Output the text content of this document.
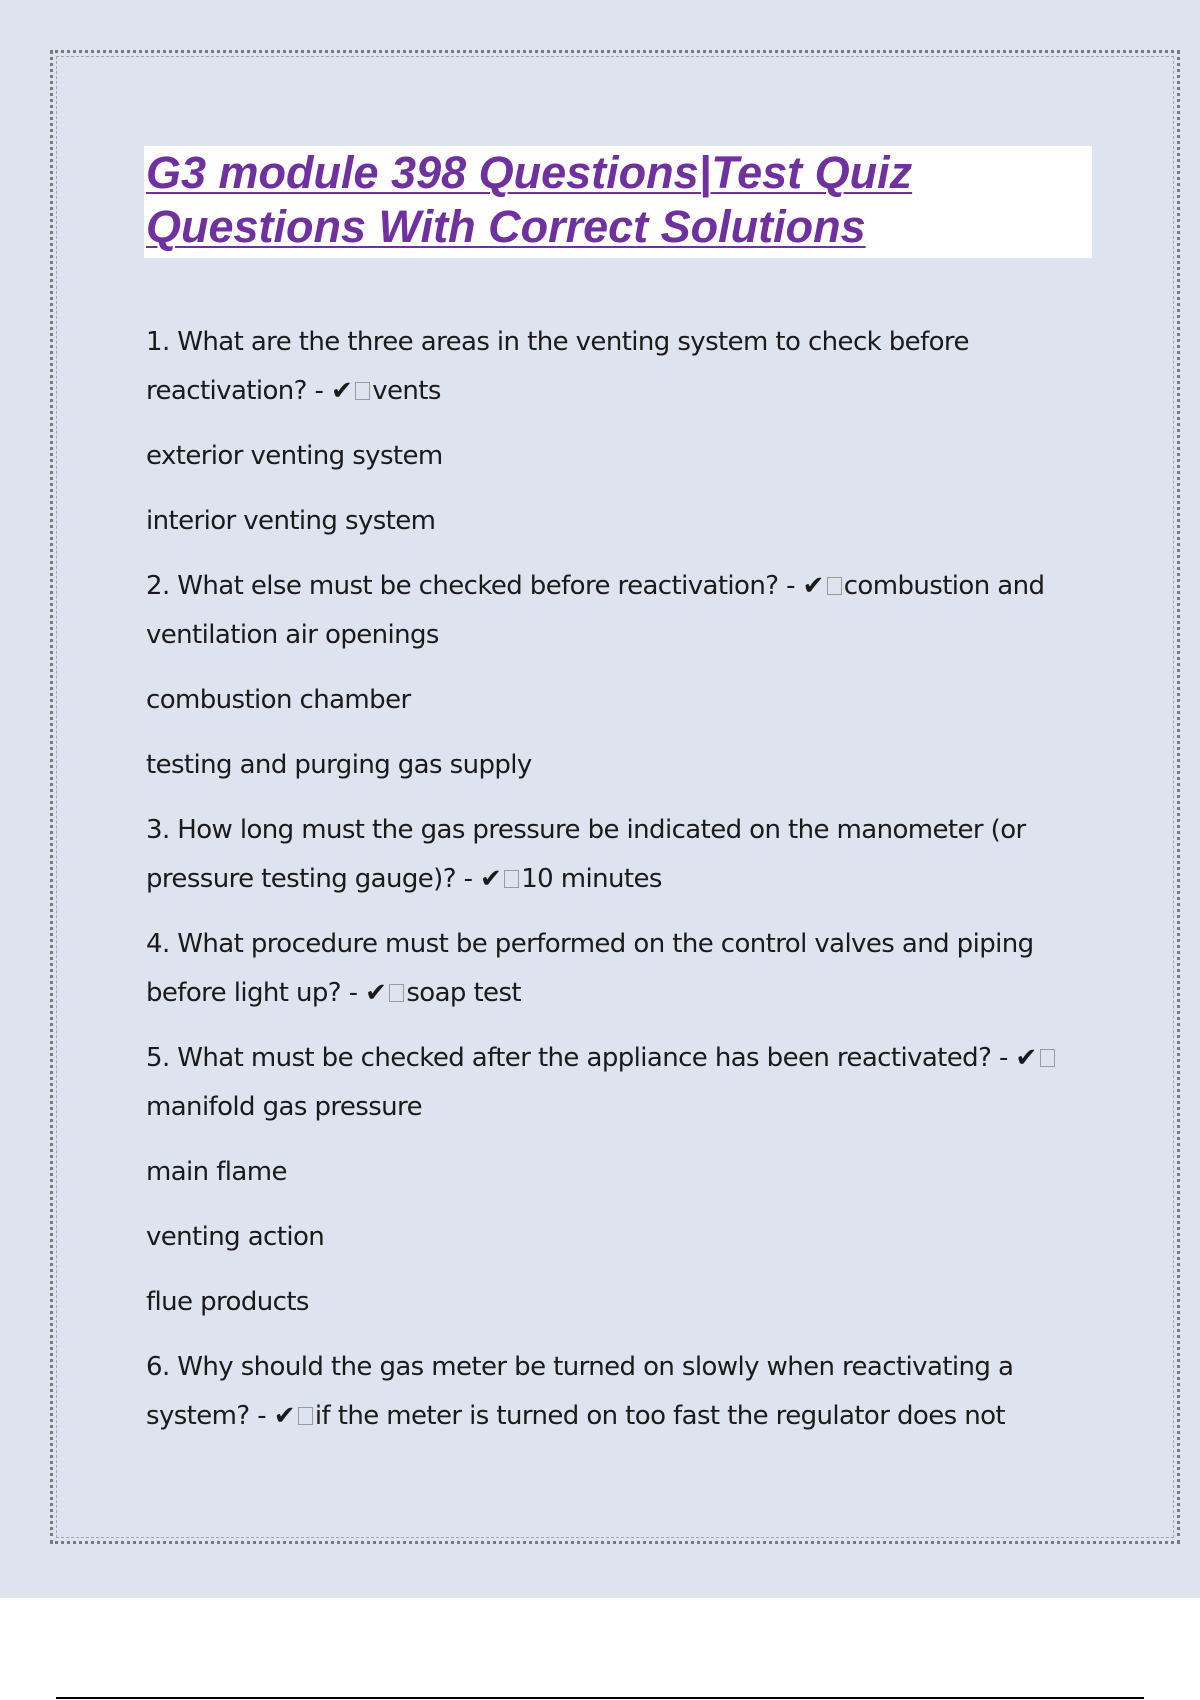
G3 module 398 Questions|Test Quiz
Questions With Correct Solutions

1. What are the three areas in the venting system to check before reactivation? - ✔ vents

exterior venting system

interior venting system

2. What else must be checked before reactivation? - ✔ combustion and ventilation air openings

combustion chamber

testing and purging gas supply

3. How long must the gas pressure be indicated on the manometer (or pressure testing gauge)? - ✔ 10 minutes

4. What procedure must be performed on the control valves and piping before light up? - ✔ soap test

5. What must be checked after the appliance has been reactivated? - ✔manifold gas pressure

main flame

venting action

flue products

6. Why should the gas meter be turned on slowly when reactivating a system? - ✔ if the meter is turned on too fast the regulator does not
